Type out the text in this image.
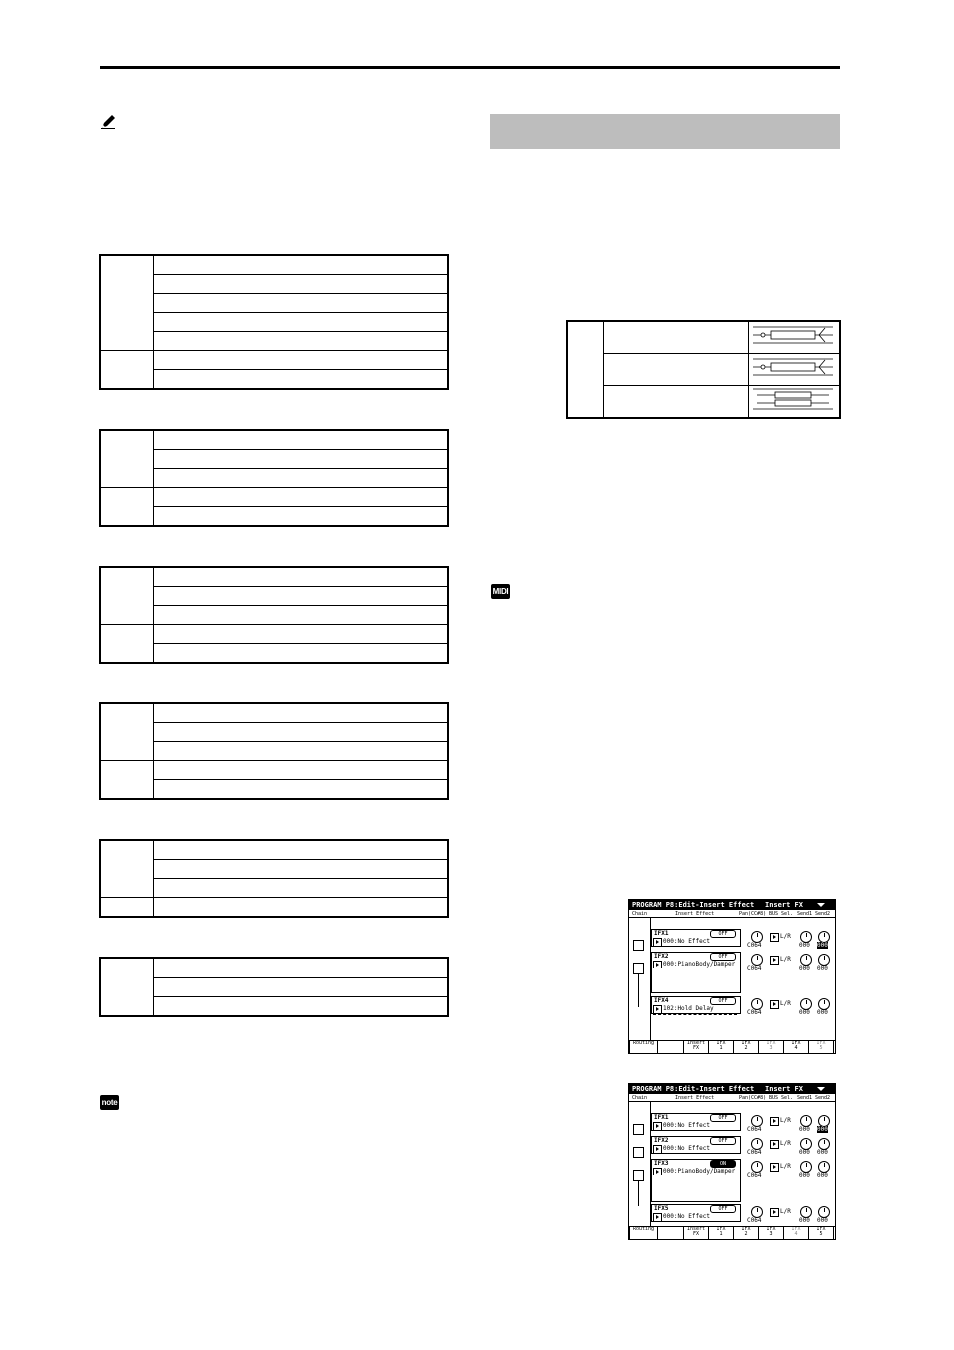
note

MIDI
PROGRAM P8:Edit-Insert Effect Insert FX
Chain	Insert Effect	Pan(CC#8) BUS Sel. Send1 Send2
IFX1	OFF
000:No Effect
C064
L/R
000 000
IFX2	OFF
000:PianoBody/Damper
C064
L/R
000 000
IFX4	OFF
102:Hold Delay
C064
L/R
000 000
Routing	Insert
FX
IFX
1
IFX
2
IFX
3
IFX
4
IFX
5
PROGRAM P8:Edit-Insert Effect Insert FX
Chain	Insert Effect	Pan(CC#8) BUS Sel. Send1 Send2
IFX1	OFF
000:No Effect
C064
L/R
000 000
IFX2	OFF
000:No Effect
C064
L/R
000 000
IFX3	ON
000:PianoBody/Damper
C064
L/R
000 000
IFX5	OFF
000:No Effect
C064
L/R
000 000
Routing	Insert
FX
IFX
1
IFX
2
IFX
3
IFX
4
IFX
5
